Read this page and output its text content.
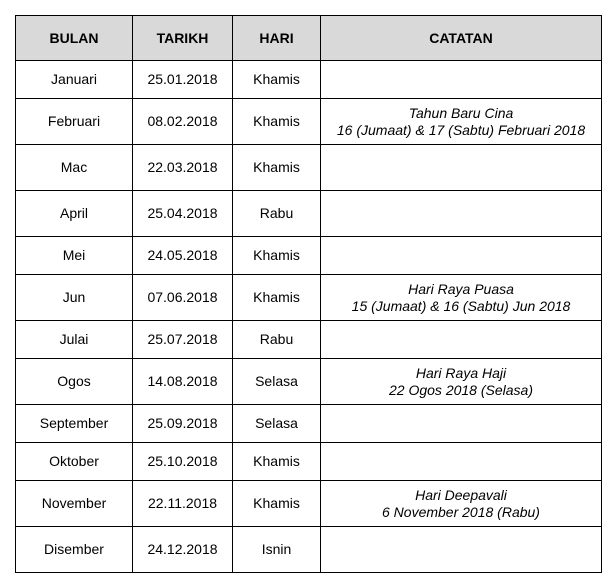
BULAN	TARIKH	HARI	CATATAN
Januari	25.01.2018	Khamis	

Februari	08.02.2018	Khamis	Tahun Baru Cina
16 (Jumaat) & 17 (Sabtu) Februari 2018

Mac	22.03.2018	Khamis	

April	25.04.2018	Rabu	

Mei	24.05.2018	Khamis	

Jun	07.06.2018	Khamis	Hari Raya Puasa
15 (Jumaat) & 16 (Sabtu) Jun 2018

Julai	25.07.2018	Rabu	

Ogos	14.08.2018	Selasa	Hari Raya Haji
22 Ogos 2018 (Selasa)

September	25.09.2018	Selasa	

Oktober	25.10.2018	Khamis	

November	22.11.2018	Khamis	Hari Deepavali
6 November 2018 (Rabu)

Disember	24.12.2018	Isnin	
